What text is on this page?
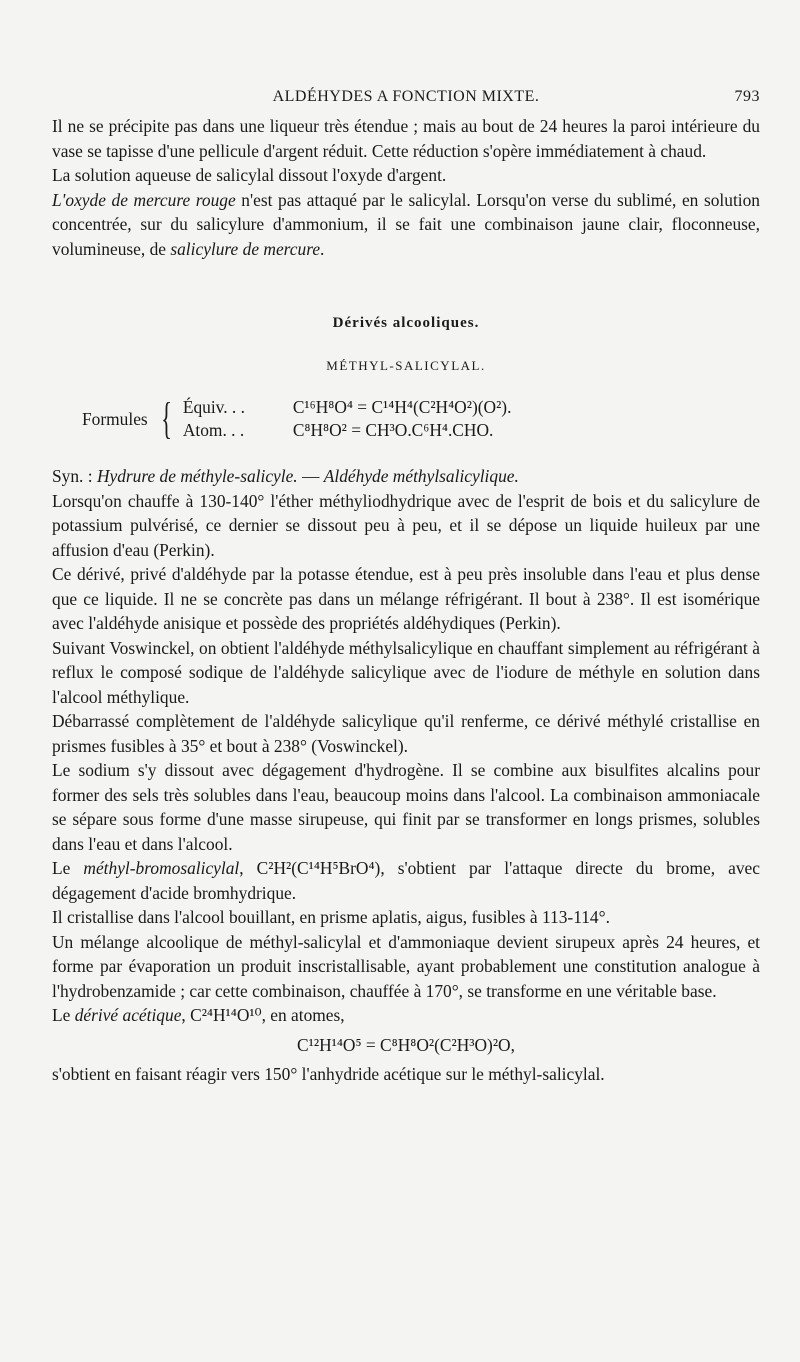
ALDÉHYDES A FONCTION MIXTE.	793

Il ne se précipite pas dans une liqueur très étendue ; mais au bout de 24 heures la paroi intérieure du vase se tapisse d'une pellicule d'argent réduit. Cette réduction s'opère immédiatement à chaud.

La solution aqueuse de salicylal dissout l'oxyde d'argent.

L'oxyde de mercure rouge n'est pas attaqué par le salicylal. Lorsqu'on verse du sublimé, en solution concentrée, sur du salicylure d'ammonium, il se fait une combinaison jaune clair, floconneuse, volumineuse, de salicylure de mercure.

Dérivés alcooliques.
MÉTHYL-SALICYLAL.
Formules { Équiv. . .	C¹⁶H⁸O⁴ = C¹⁴H⁴(C²H⁴O²)(O²).
Atom. . .	C⁸H⁸O² = CH³O.C⁶H⁴.CHO.

Syn. : Hydrure de méthyle-salicyle. — Aldéhyde méthylsalicylique.

Lorsqu'on chauffe à 130-140° l'éther méthyliodhydrique avec de l'esprit de bois et du salicylure de potassium pulvérisé, ce dernier se dissout peu à peu, et il se dépose un liquide huileux par une affusion d'eau (Perkin).

Ce dérivé, privé d'aldéhyde par la potasse étendue, est à peu près insoluble dans l'eau et plus dense que ce liquide. Il ne se concrète pas dans un mélange réfrigérant. Il bout à 238°. Il est isomérique avec l'aldéhyde anisique et possède des propriétés aldéhydiques (Perkin).

Suivant Voswinckel, on obtient l'aldéhyde méthylsalicylique en chauffant simplement au réfrigérant à reflux le composé sodique de l'aldéhyde salicylique avec de l'iodure de méthyle en solution dans l'alcool méthylique.

Débarrassé complètement de l'aldéhyde salicylique qu'il renferme, ce dérivé méthylé cristallise en prismes fusibles à 35° et bout à 238° (Voswinckel).

Le sodium s'y dissout avec dégagement d'hydrogène. Il se combine aux bisulfites alcalins pour former des sels très solubles dans l'eau, beaucoup moins dans l'alcool. La combinaison ammoniacale se sépare sous forme d'une masse sirupeuse, qui finit par se transformer en longs prismes, solubles dans l'eau et dans l'alcool.

Le méthyl-bromosalicylal, C²H²(C¹⁴H⁵BrO⁴), s'obtient par l'attaque directe du brome, avec dégagement d'acide bromhydrique.

Il cristallise dans l'alcool bouillant, en prisme aplatis, aigus, fusibles à 113-114°.

Un mélange alcoolique de méthyl-salicylal et d'ammoniaque devient sirupeux après 24 heures, et forme par évaporation un produit inscristallisable, ayant probablement une constitution analogue à l'hydrobenzamide ; car cette combinaison, chauffée à 170°, se transforme en une véritable base.

Le dérivé acétique, C²⁴H¹⁴O¹⁰, en atomes,

C¹²H¹⁴O⁵ = C⁸H⁸O²(C²H³O)²O,

s'obtient en faisant réagir vers 150° l'anhydride acétique sur le méthyl-salicylal.
